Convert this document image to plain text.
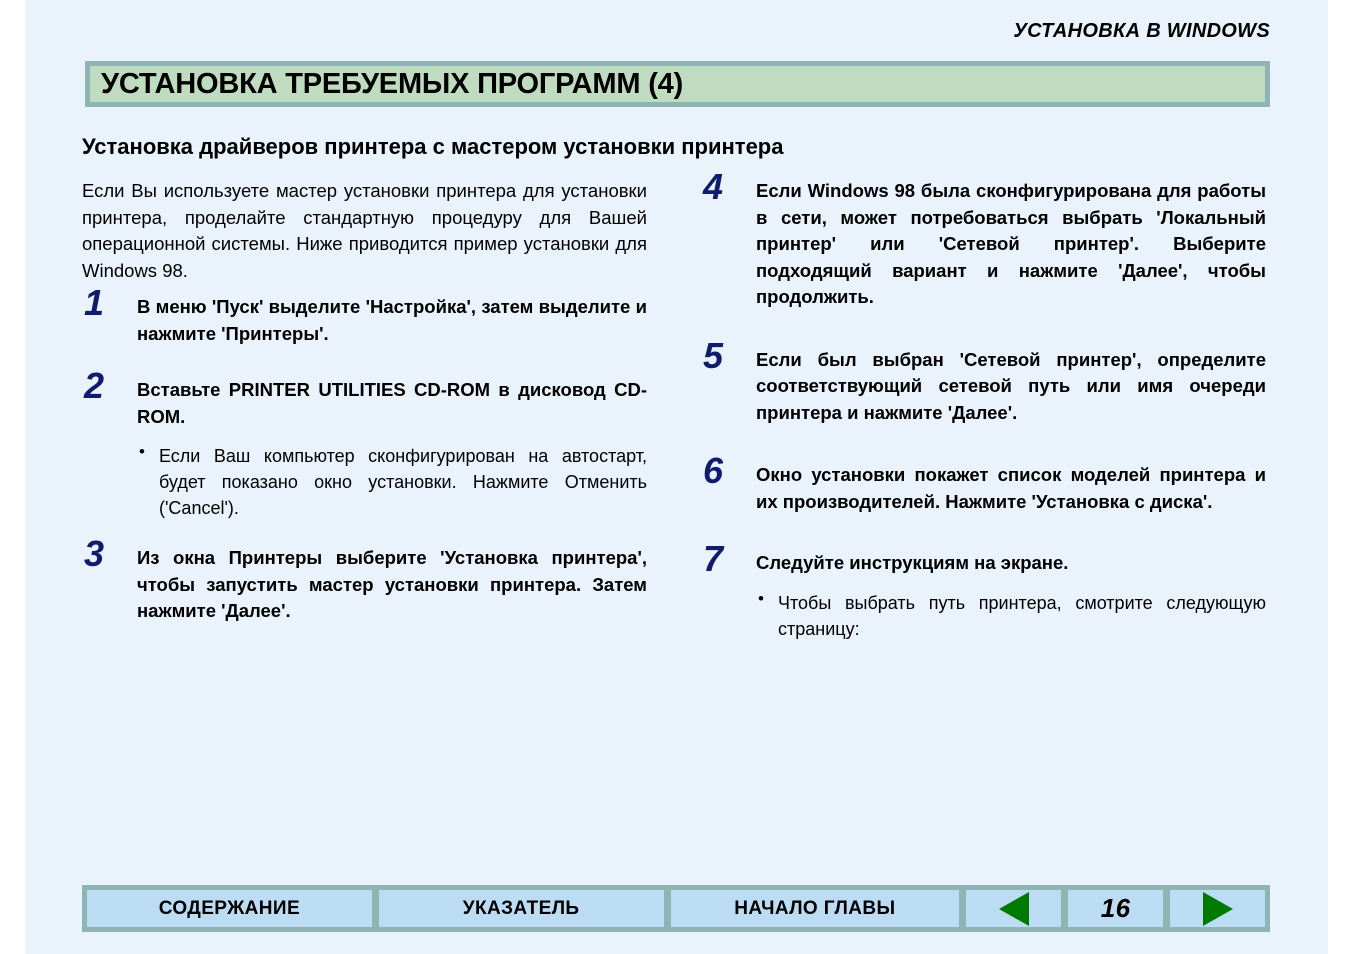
УСТАНОВКА В WINDOWS
УСТАНОВКА ТРЕБУЕМЫХ ПРОГРАММ (4)
Установка драйверов принтера с мастером установки принтера

Если Вы используете мастер установки принтера для установки принтера, проделайте стандартную процедуру для Вашей операционной системы. Ниже приводится пример установки для Windows 98.

1 В меню 'Пуск' выделите 'Настройка', затем выделите и нажмите 'Принтеры'.

2 Вставьте PRINTER UTILITIES CD-ROM в дисковод CD-ROM.

• Если Ваш компьютер сконфигурирован на автостарт, будет показано окно установки. Нажмите Отменить ('Cancel').

3 Из окна Принтеры выберите 'Установка принтера', чтобы запустить мастер установки принтера. Затем нажмите 'Далее'.

4 Если Windows 98 была сконфигурирована для работы в сети, может потребоваться выбрать 'Локальный принтер' или 'Сетевой принтер'. Выберите подходящий вариант и нажмите 'Далее', чтобы продолжить.

5 Если был выбран 'Сетевой принтер', определите соответствующий сетевой путь или имя очереди принтера и нажмите 'Далее'.

6 Окно установки покажет список моделей принтера и их производителей. Нажмите 'Установка с диска'.

7 Следуйте инструкциям на экране.

• Чтобы выбрать путь принтера, смотрите следующую страницу:

СОДЕРЖАНИЕ	УКАЗАТЕЛЬ	НАЧАЛО ГЛАВЫ	16
